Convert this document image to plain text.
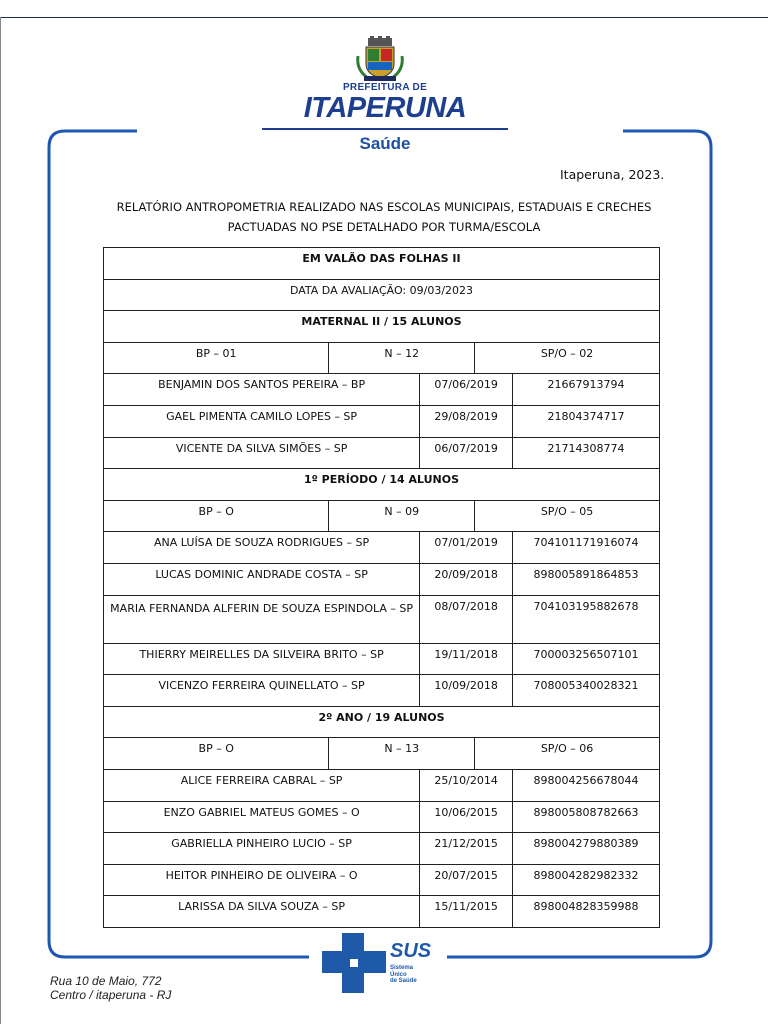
PREFEITURA DE
ITAPERUNA
Saúde
Itaperuna, 2023.
RELATÓRIO ANTROPOMETRIA REALIZADO NAS ESCOLAS MUNICIPAIS, ESTADUAIS E CRECHES
PACTUADAS NO PSE DETALHADO POR TURMA/ESCOLA
EM VALÃO DAS FOLHAS II				
DATA DA AVALIAÇÃO: 09/03/2023				
MATERNAL II / 15 ALUNOS				
BP – 01	N – 12		SP/O – 02	
BENJAMIN DOS SANTOS PEREIRA – BP		07/06/2019		21667913794
GAEL PIMENTA CAMILO LOPES – SP		29/08/2019		21804374717
VICENTE DA SILVA SIMÕES – SP		06/07/2019		21714308774
1º PERÍODO / 14 ALUNOS				
BP – O	N – 09		SP/O – 05	
ANA LUÍSA DE SOUZA RODRIGUES – SP		07/01/2019		704101171916074
LUCAS DOMINIC ANDRADE COSTA – SP		20/09/2018		898005891864853
MARIA FERNANDA ALFERIN DE SOUZA ESPINDOLA – SP		08/07/2018		704103195882678
THIERRY MEIRELLES DA SILVEIRA BRITO – SP		19/11/2018		700003256507101
VICENZO FERREIRA QUINELLATO – SP		10/09/2018		708005340028321
2º ANO / 19 ALUNOS				
BP – O	N – 13		SP/O – 06	
ALICE FERREIRA CABRAL – SP		25/10/2014		898004256678044
ENZO GABRIEL MATEUS GOMES – O		10/06/2015		898005808782663
GABRIELLA PINHEIRO LUCIO – SP		21/12/2015		898004279880389
HEITOR PINHEIRO DE OLIVEIRA – O		20/07/2015		898004282982332
LARISSA DA SILVA SOUZA – SP		15/11/2015		898004828359988
SUS
Sistema
Único
de Saúde
Rua 10 de Maio, 772
Centro / itaperuna - RJ
